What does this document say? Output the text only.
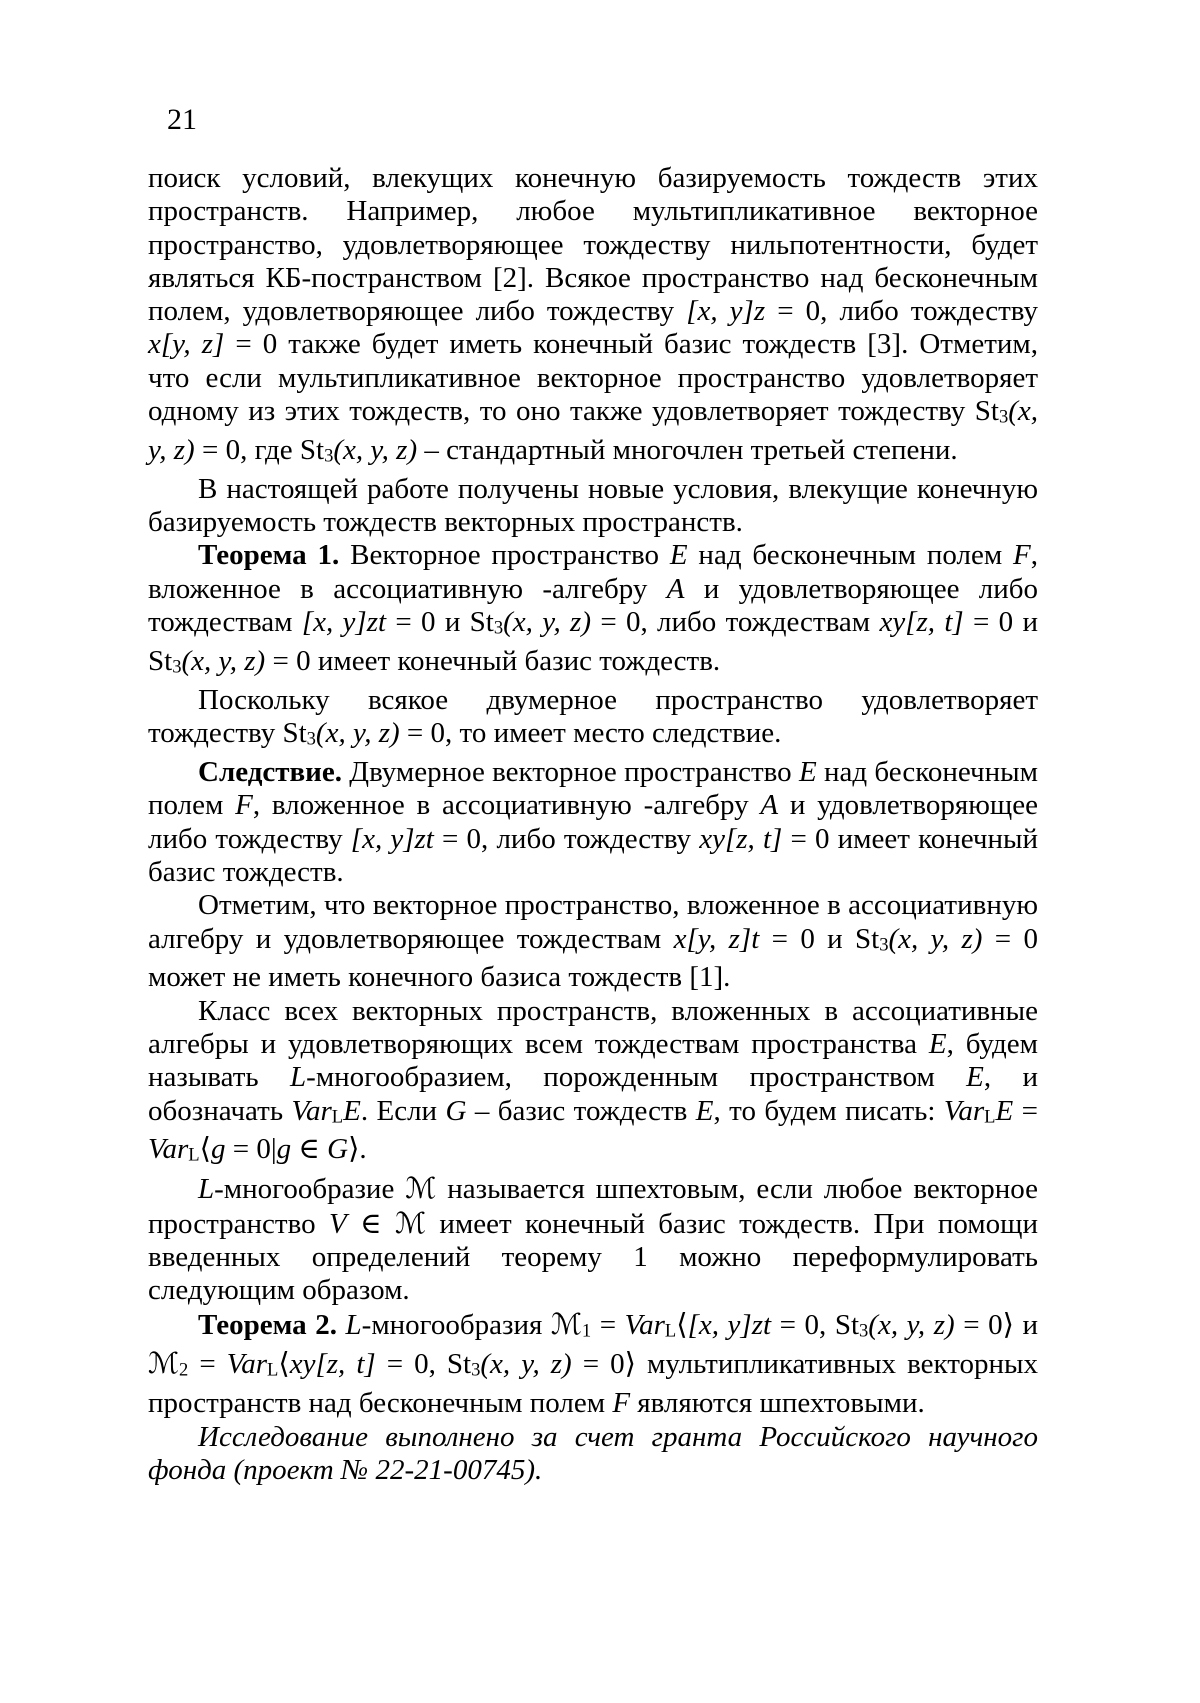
21

поиск условий, влекущих конечную базируемость тождеств этих пространств. Например, любое мультипликативное векторное пространство, удовлетворяющее тождеству нильпотентности, будет являться КБ-постранством [2]. Всякое пространство над бесконечным полем, удовлетворяющее либо тождеству [x, y]z = 0, либо тождеству x[y, z] = 0 также будет иметь конечный базис тождеств [3]. Отметим, что если мультипликативное векторное пространство удовлетворяет одному из этих тождеств, то оно также удовлетворяет тождеству St3(x, y, z) = 0, где St3(x, y, z) – стандартный многочлен третьей степени.

В настоящей работе получены новые условия, влекущие конечную базируемость тождеств векторных пространств.

Теорема 1. Векторное пространство E над бесконечным полем F, вложенное в ассоциативную -алгебру A и удовлетворяющее либо тождествам [x, y]zt = 0 и St3(x, y, z) = 0, либо тождествам xy[z, t] = 0 и St3(x, y, z) = 0 имеет конечный базис тождеств.

Поскольку всякое двумерное пространство удовлетворяет тождеству St3(x, y, z) = 0, то имеет место следствие.

Следствие. Двумерное векторное пространство E над бесконечным полем F, вложенное в ассоциативную -алгебру A и удовлетворяющее либо тождеству [x, y]zt = 0, либо тождеству xy[z, t] = 0 имеет конечный базис тождеств.

Отметим, что векторное пространство, вложенное в ассоциативную алгебру и удовлетворяющее тождествам x[y, z]t = 0 и St3(x, y, z) = 0 может не иметь конечного базиса тождеств [1].

Класс всех векторных пространств, вложенных в ассоциативные алгебры и удовлетворяющих всем тождествам пространства E, будем называть L-многообразием, порожденным пространством E, и обозначать VarLE. Если G – базис тождеств E, то будем писать: VarLE = VarL⟨g = 0|g ∈ G⟩.

L-многообразие ℳ называется шпехтовым, если любое векторное пространство V ∈ ℳ имеет конечный базис тождеств. При помощи введенных определений теорему 1 можно переформулировать следующим образом.

Теорема 2. L-многообразия ℳ1 = VarL⟨[x, y]zt = 0, St3(x, y, z) = 0⟩ и ℳ2 = VarL⟨xy[z, t] = 0, St3(x, y, z) = 0⟩ мультипликативных векторных пространств над бесконечным полем F являются шпехтовыми.

Исследование выполнено за счет гранта Российского научного фонда (проект № 22-21-00745).
